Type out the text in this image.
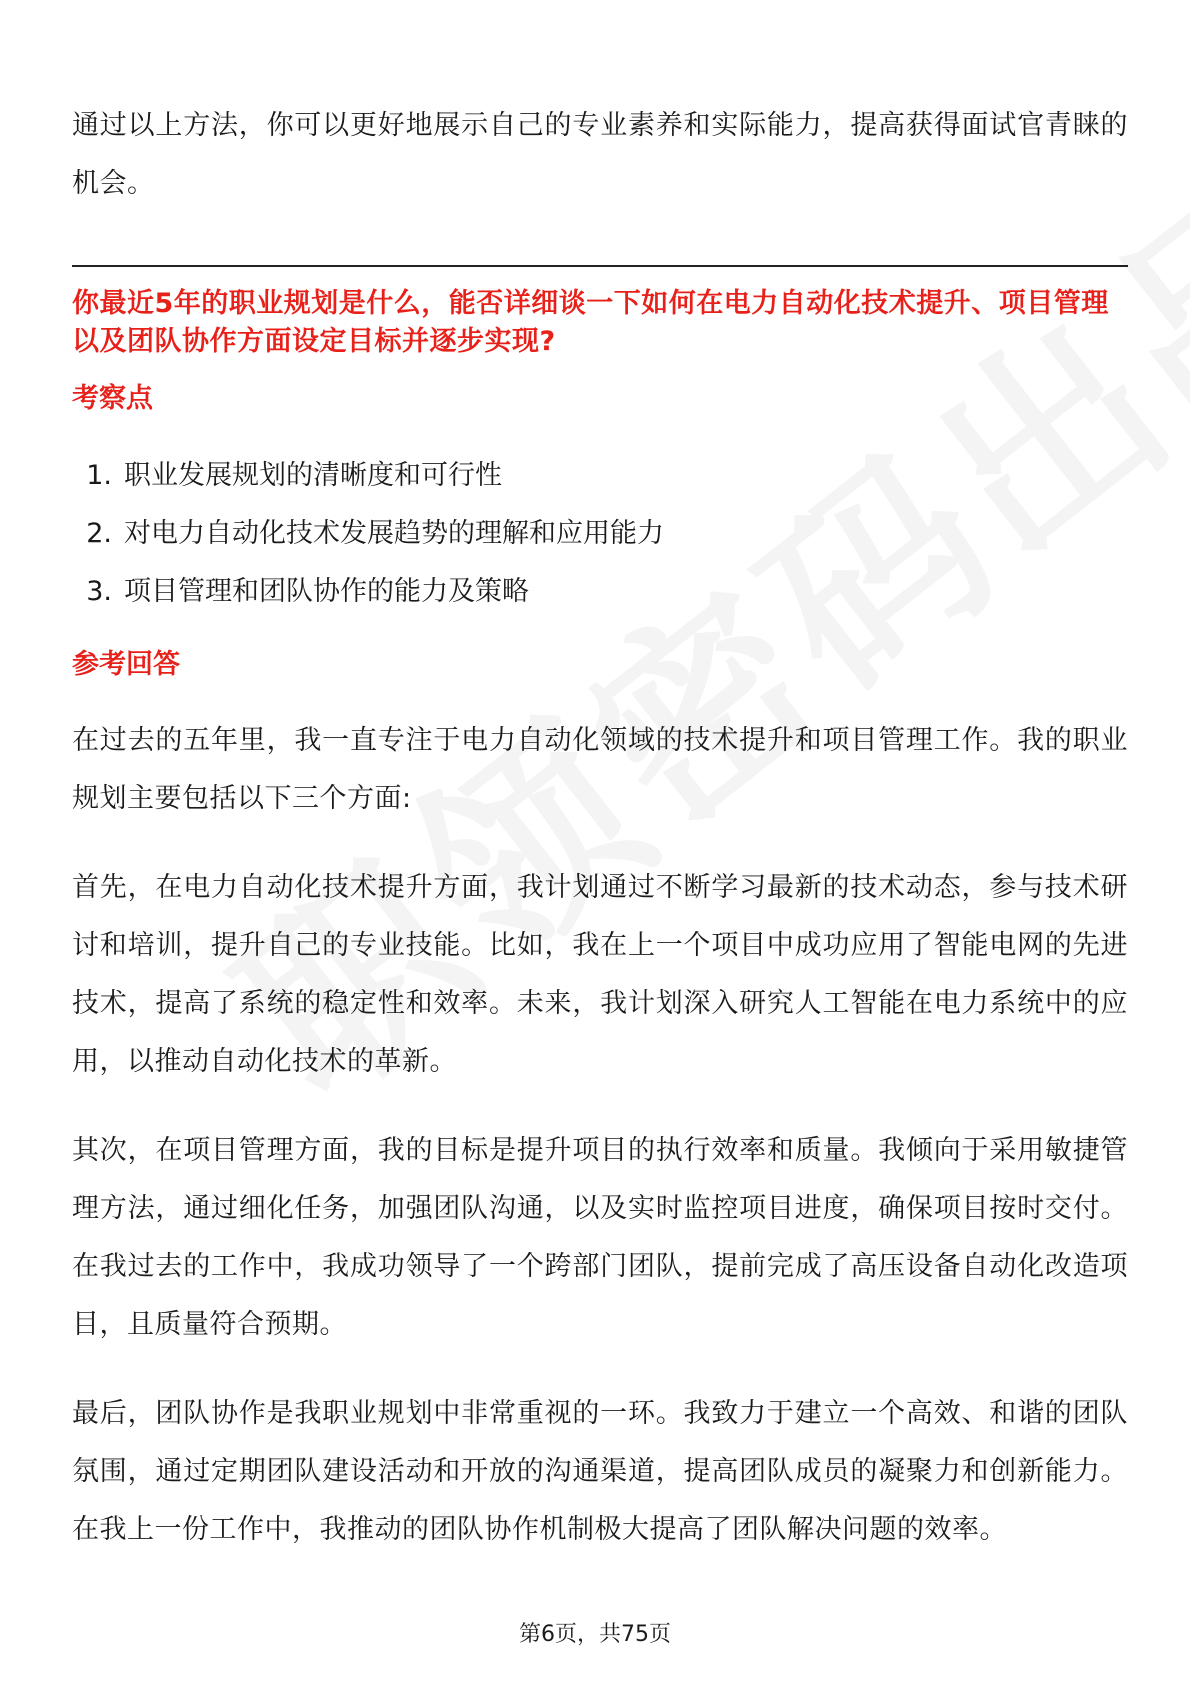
通过以上方法，你可以更好地展示自己的专业素养和实际能力，提高获得面试官青睐的机会。

你最近5年的职业规划是什么，能否详细谈一下如何在电力自动化技术提升、项目管理以及团队协作方面设定目标并逐步实现?
考察点
1. 职业发展规划的清晰度和可行性
2. 对电力自动化技术发展趋势的理解和应用能力
3. 项目管理和团队协作的能力及策略
参考回答

在过去的五年里，我一直专注于电力自动化领域的技术提升和项目管理工作。我的职业规划主要包括以下三个方面:

首先，在电力自动化技术提升方面，我计划通过不断学习最新的技术动态，参与技术研讨和培训，提升自己的专业技能。比如，我在上一个项目中成功应用了智能电网的先进技术，提高了系统的稳定性和效率。未来，我计划深入研究人工智能在电力系统中的应用，以推动自动化技术的革新。

其次，在项目管理方面，我的目标是提升项目的执行效率和质量。我倾向于采用敏捷管理方法，通过细化任务，加强团队沟通，以及实时监控项目进度，确保项目按时交付。在我过去的工作中，我成功领导了一个跨部门团队，提前完成了高压设备自动化改造项目，且质量符合预期。

最后，团队协作是我职业规划中非常重视的一环。我致力于建立一个高效、和谐的团队氛围，通过定期团队建设活动和开放的沟通渠道，提高团队成员的凝聚力和创新能力。在我上一份工作中，我推动的团队协作机制极大提高了团队解决问题的效率。

第6页，共75页
